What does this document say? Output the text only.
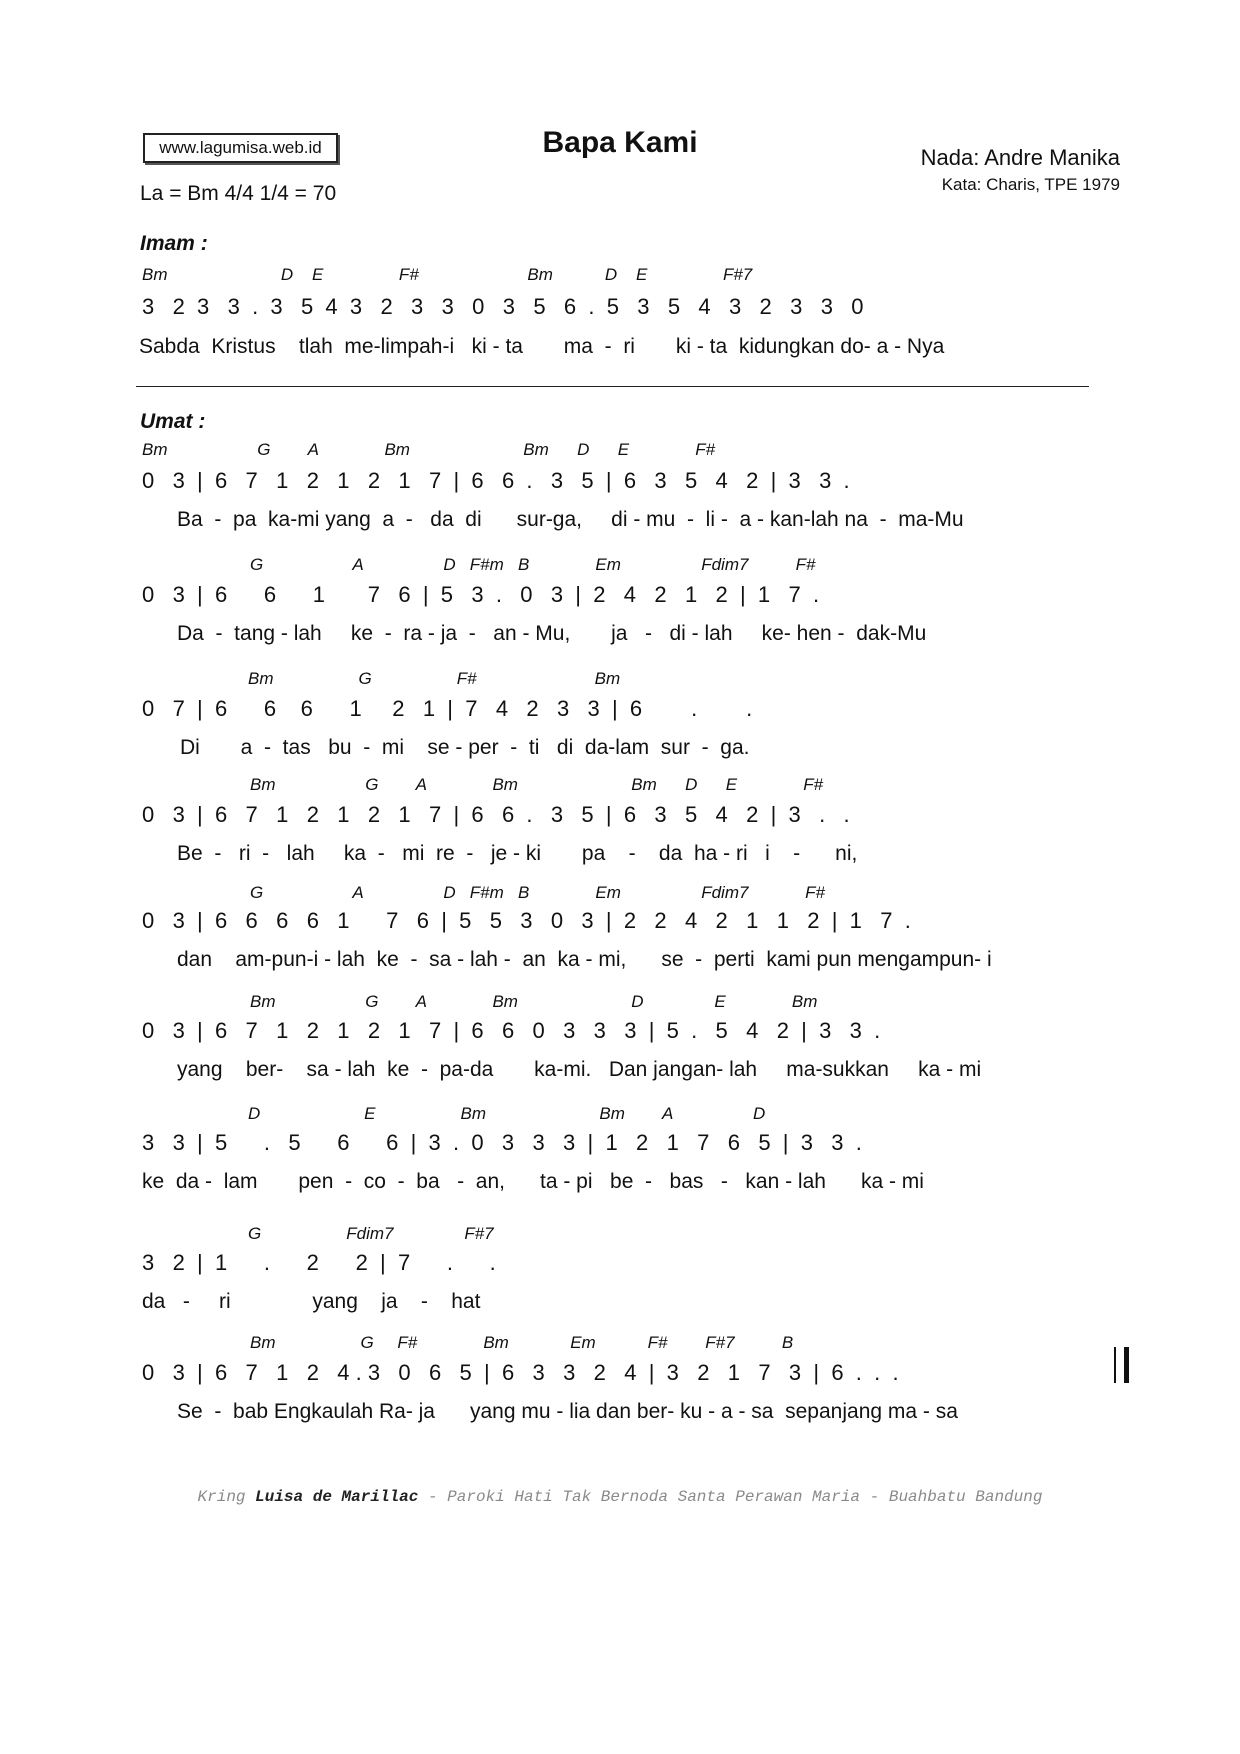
www.lagumisa.web.id	Bapa Kami	Nada: Andre Manika
Kata: Charis, TPE 1979
La = Bm 4/4 1/4 = 70
Imam :
Umat :
Bm                        D    E                F#                       Bm           D    E                F#7
3   2  3   3  .  3   5  4  3   2   3   3   0   3   5   6  .  5   3   5   4   3   2   3   3   0
Sabda  Kristus    tlah  me-limpah-i   ki - ta       ma  -  ri       ki - ta  kidungkan do- a - Nya
Bm                   G        A              Bm                        Bm      D      E              F#
0   3  |  6   7   1   2   1   2   1   7  |  6   6  .   3   5  |  6   3   5   4   2  |  3   3  .
Ba  -  pa  ka-mi yang  a  -   da  di      sur-ga,     di - mu  -  li -  a - kan-lah na  -  ma-Mu
G                   A                 D   F#m   B              Em                 Fdim7          F#
0   3  |  6      6      1       7   6  |  5   3  .   0   3  |  2   4   2   1   2  |  1   7  .
Da  -  tang - lah     ke  -  ra - ja  -   an - Mu,       ja   -   di - lah     ke- hen -  dak-Mu
Bm                  G                  F#                         Bm
0   7  |  6      6    6      1     2   1  |  7   4   2   3   3  |  6        .        .
Di       a  -  tas   bu  -  mi    se - per  -  ti   di  da-lam  sur  -  ga.
Bm                   G        A              Bm                        Bm      D      E              F#
0   3  |  6   7   1   2   1   2   1   7  |  6   6  .   3   5  |  6   3   5   4   2  |  3   .   .
Be  -   ri  -   lah     ka  -   mi  re  -   je - ki       pa    -    da  ha - ri   i    -      ni,
G                   A                 D   F#m   B              Em                 Fdim7            F#
0   3  |  6   6   6   6   1      7   6  |  5   5   3   0   3  |  2   2   4   2   1   1   2  |  1   7  .
dan    am-pun-i - lah  ke  -  sa - lah -  an  ka - mi,      se  -  perti  kami pun mengampun- i
Bm                   G        A              Bm                        D               E              Bm
0   3  |  6   7   1   2   1   2   1   7  |  6   6   0   3   3   3  |  5  .   5   4   2  |  3   3  .
yang    ber-    sa - lah  ke  -  pa-da       ka-mi.   Dan jangan- lah     ma-sukkan     ka - mi
D                      E                  Bm                        Bm        A                 D
3   3  |  5      .   5      6      6  |  3  .  0   3   3   3  |  1   2   1   7   6   5  |  3   3  .
ke  da -  lam       pen  -  co  -  ba   -  an,      ta - pi   be  -   bas   -   kan - lah      ka - mi
G                  Fdim7               F#7
3   2  |  1      .      2      2  |  7      .      .
da   -     ri              yang    ja    -    hat
Bm                  G     F#              Bm             Em           F#        F#7          B
0   3  |  6   7   1   2   4 . 3   0   6   5  |  6   3   3   2   4  |  3   2   1   7   3  |  6  .  .  .
Se  -  bab Engkaulah Ra- ja      yang mu - lia dan ber- ku - a - sa  sepanjang ma - sa
Kring Luisa de Marillac - Paroki Hati Tak Bernoda Santa Perawan Maria - Buahbatu Bandung
